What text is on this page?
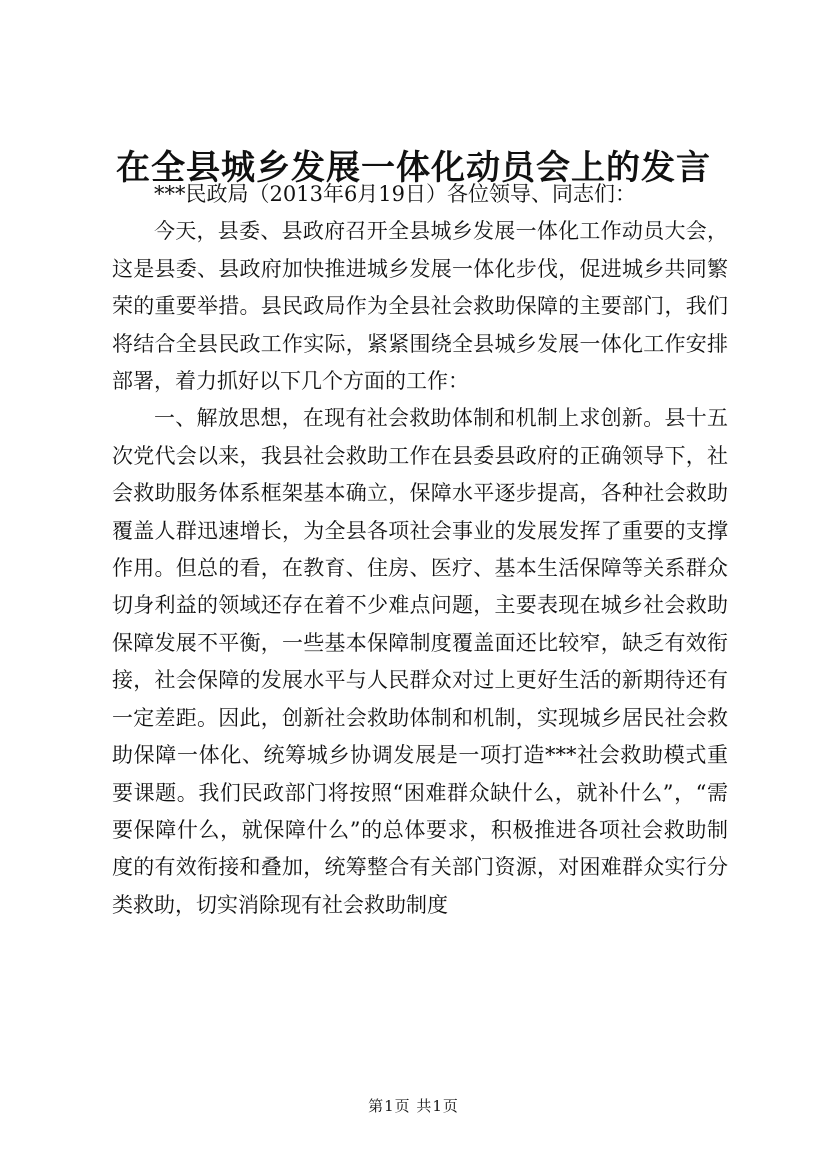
在全县城乡发展一体化动员会上的发言

***民政局（2013年6月19日）各位领导、同志们：

今天，县委、县政府召开全县城乡发展一体化工作动员大会，这是县委、县政府加快推进城乡发展一体化步伐，促进城乡共同繁荣的重要举措。县民政局作为全县社会救助保障的主要部门，我们将结合全县民政工作实际，紧紧围绕全县城乡发展一体化工作安排部署，着力抓好以下几个方面的工作：

一、解放思想，在现有社会救助体制和机制上求创新。县十五次党代会以来，我县社会救助工作在县委县政府的正确领导下，社会救助服务体系框架基本确立，保障水平逐步提高，各种社会救助覆盖人群迅速增长，为全县各项社会事业的发展发挥了重要的支撑作用。但总的看，在教育、住房、医疗、基本生活保障等关系群众切身利益的领域还存在着不少难点问题，主要表现在城乡社会救助保障发展不平衡，一些基本保障制度覆盖面还比较窄，缺乏有效衔接，社会保障的发展水平与人民群众对过上更好生活的新期待还有一定差距。因此，创新社会救助体制和机制，实现城乡居民社会救助保障一体化、统筹城乡协调发展是一项打造***社会救助模式重要课题。我们民政部门将按照“困难群众缺什么，就补什么”，“需要保障什么，就保障什么”的总体要求，积极推进各项社会救助制度的有效衔接和叠加，统筹整合有关部门资源，对困难群众实行分类救助，切实消除现有社会救助制度

第1页 共1页
